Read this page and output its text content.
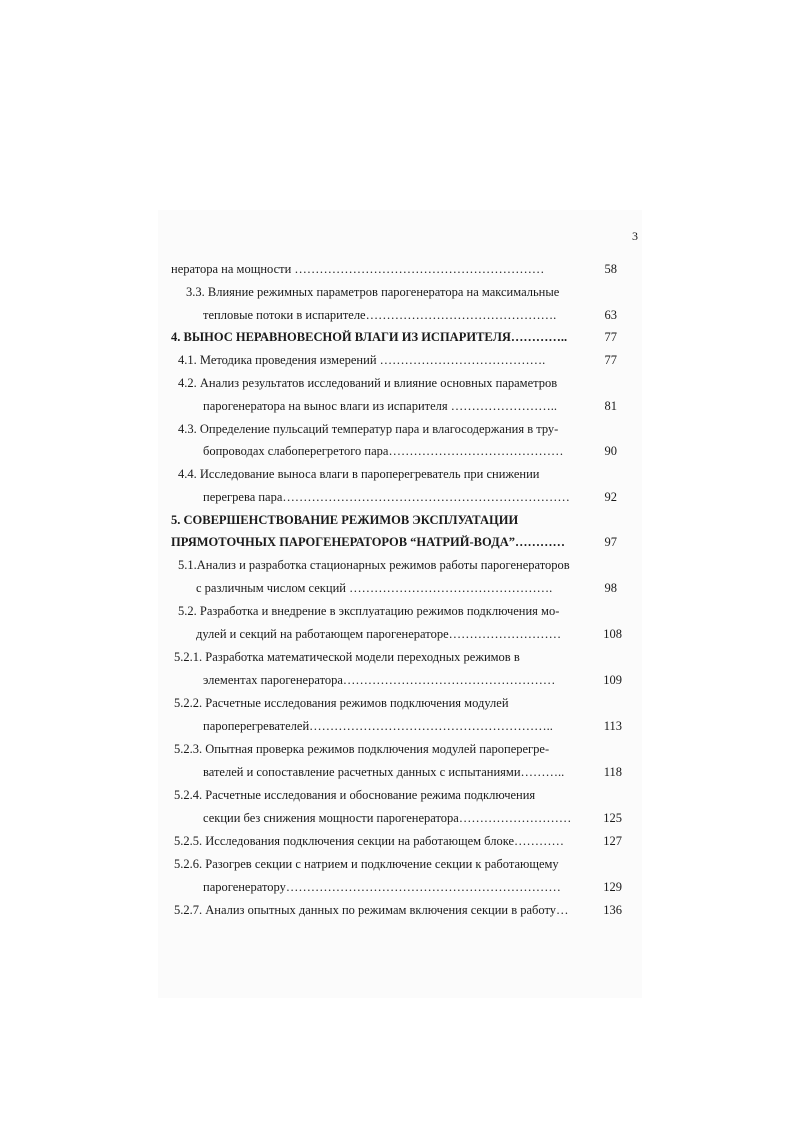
3
нератора на мощности ……………………………………………………	58
3.3. Влияние режимных параметров парогенератора на максимальные
тепловые потоки в испарителе……………………………………….	63
4. ВЫНОС НЕРАВНОВЕСНОЙ ВЛАГИ ИЗ ИСПАРИТЕЛЯ…………..	77
4.1. Методика проведения измерений ………………………………….	77
4.2. Анализ результатов исследований и влияние основных параметров
парогенератора на вынос влаги из испарителя ……………………..	81
4.3. Определение пульсаций температур пара и влагосодержания в тру-
бопроводах слабоперегретого пара……………………………………	90
4.4. Исследование выноса влаги в пароперегреватель при снижении
перегрева пара……………………………………………………………	92
5. СОВЕРШЕНСТВОВАНИЕ РЕЖИМОВ ЭКСПЛУАТАЦИИ
ПРЯМОТОЧНЫХ ПАРОГЕНЕРАТОРОВ “НАТРИЙ-ВОДА”…………	97
5.1.Анализ и разработка стационарных режимов работы парогенераторов
с различным числом секций ………………………………………….	98
5.2. Разработка и внедрение в эксплуатацию режимов подключения мо-
дулей и секций на работающем парогенераторе………………………	108
5.2.1. Разработка математической модели переходных режимов в
элементах парогенератора……………………………………………	109
5.2.2. Расчетные исследования режимов подключения модулей
пароперегревателей…………………………………………………..	113
5.2.3. Опытная проверка режимов подключения модулей пароперегре-
вателей и сопоставление расчетных данных с испытаниями………..	118
5.2.4. Расчетные исследования и обоснование режима подключения
секции без снижения мощности парогенератора………………………	125
5.2.5. Исследования подключения секции на работающем блоке…………	127
5.2.6. Разогрев секции с натрием и подключение секции к работающему
парогенератору…………………………………………………………	129
5.2.7. Анализ опытных данных по режимам включения секции в работу…	136
